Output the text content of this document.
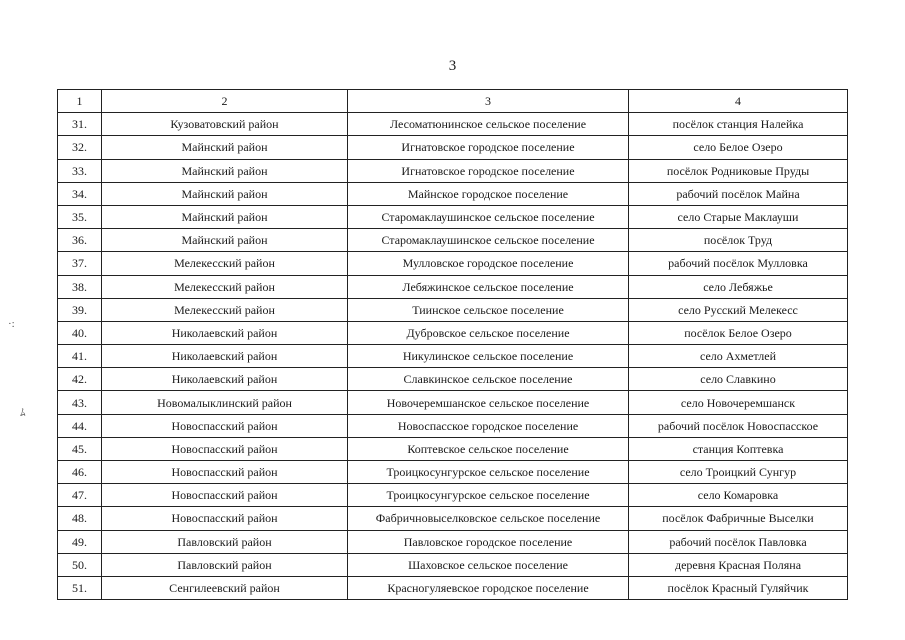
3
1	2	3	4
31.	Кузоватовский район	Лесоматюнинское сельское поселение	посёлок станция Налейка
32.	Майнский район	Игнатовское городское поселение	село Белое Озеро
33.	Майнский район	Игнатовское городское поселение	посёлок Родниковые Пруды
34.	Майнский район	Майнское городское поселение	рабочий посёлок Майна
35.	Майнский район	Старомаклаушинское сельское поселение	село Старые Маклауши
36.	Майнский район	Старомаклаушинское сельское поселение	посёлок Труд
37.	Мелекесский район	Мулловское городское поселение	рабочий посёлок Мулловка
38.	Мелекесский район	Лебяжинское сельское поселение	село Лебяжье
39.	Мелекесский район	Тиинское сельское поселение	село Русский Мелекесс
40.	Николаевский район	Дубровское сельское поселение	посёлок Белое Озеро
41.	Николаевский район	Никулинское сельское поселение	село Ахметлей
42.	Николаевский район	Славкинское сельское поселение	село Славкино
43.	Новомалыклинский район	Новочеремшанское сельское поселение	село Новочеремшанск
44.	Новоспасский район	Новоспасское городское поселение	рабочий посёлок Новоспасское
45.	Новоспасский район	Коптевское сельское поселение	станция Коптевка
46.	Новоспасский район	Троицкосунгурское сельское поселение	село Троицкий Сунгур
47.	Новоспасский район	Троицкосунгурское сельское поселение	село Комаровка
48.	Новоспасский район	Фабричновыселковское сельское поселение	посёлок Фабричные Выселки
49.	Павловский район	Павловское городское поселение	рабочий посёлок Павловка
50.	Павловский район	Шаховское сельское поселение	деревня Красная Поляна
51.	Сенгилеевский район	Красногуляевское городское поселение	посёлок Красный Гуляйчик
·:
ﾑ
